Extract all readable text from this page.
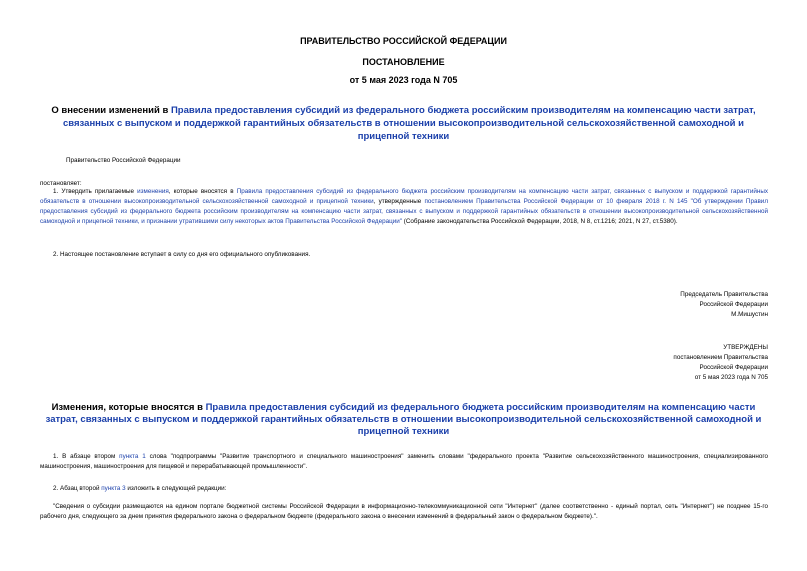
ПРАВИТЕЛЬСТВО РОССИЙСКОЙ ФЕДЕРАЦИИ
ПОСТАНОВЛЕНИЕ
от 5 мая 2023 года N 705
О внесении изменений в Правила предоставления субсидий из федерального бюджета российским производителям на компенсацию части затрат, связанных с выпуском и поддержкой гарантийных обязательств в отношении высокопроизводительной сельскохозяйственной самоходной и прицепной техники
Правительство Российской Федерации
постановляет:
1. Утвердить прилагаемые изменения, которые вносятся в Правила предоставления субсидий из федерального бюджета российским производителям на компенсацию части затрат, связанных с выпуском и поддержкой гарантийных обязательств в отношении высокопроизводительной сельскохозяйственной самоходной и прицепной техники, утвержденные постановлением Правительства Российской Федерации от 10 февраля 2018 г. N 145 "Об утверждении Правил предоставления субсидий из федерального бюджета российским производителям на компенсацию части затрат, связанных с выпуском и поддержкой гарантийных обязательств в отношении высокопроизводительной сельскохозяйственной самоходной и прицепной техники, и признании утратившими силу некоторых актов Правительства Российской Федерации" (Собрание законодательства Российской Федерации, 2018, N 8, ст.1216; 2021, N 27, ст.5380).
2. Настоящее постановление вступает в силу со дня его официального опубликования.
Председатель Правительства
Российской Федерации
М.Мишустин
УТВЕРЖДЕНЫ
постановлением Правительства
Российской Федерации
от 5 мая 2023 года N 705
Изменения, которые вносятся в Правила предоставления субсидий из федерального бюджета российским производителям на компенсацию части затрат, связанных с выпуском и поддержкой гарантийных обязательств в отношении высокопроизводительной сельскохозяйственной самоходной и прицепной техники
1. В абзаце втором пункта 1 слова "подпрограммы "Развитие транспортного и специального машиностроения" заменить словами "федерального проекта "Развитие сельскохозяйственного машиностроения, специализированного машиностроения, машиностроения для пищевой и перерабатывающей промышленности".
2. Абзац второй пункта 3 изложить в следующей редакции:
"Сведения о субсидии размещаются на едином портале бюджетной системы Российской Федерации в информационно-телекоммуникационной сети "Интернет" (далее соответственно - единый портал, сеть "Интернет") не позднее 15-го рабочего дня, следующего за днем принятия федерального закона о федеральном бюджете (федерального закона о внесении изменений в федеральный закон о федеральном бюджете).".
